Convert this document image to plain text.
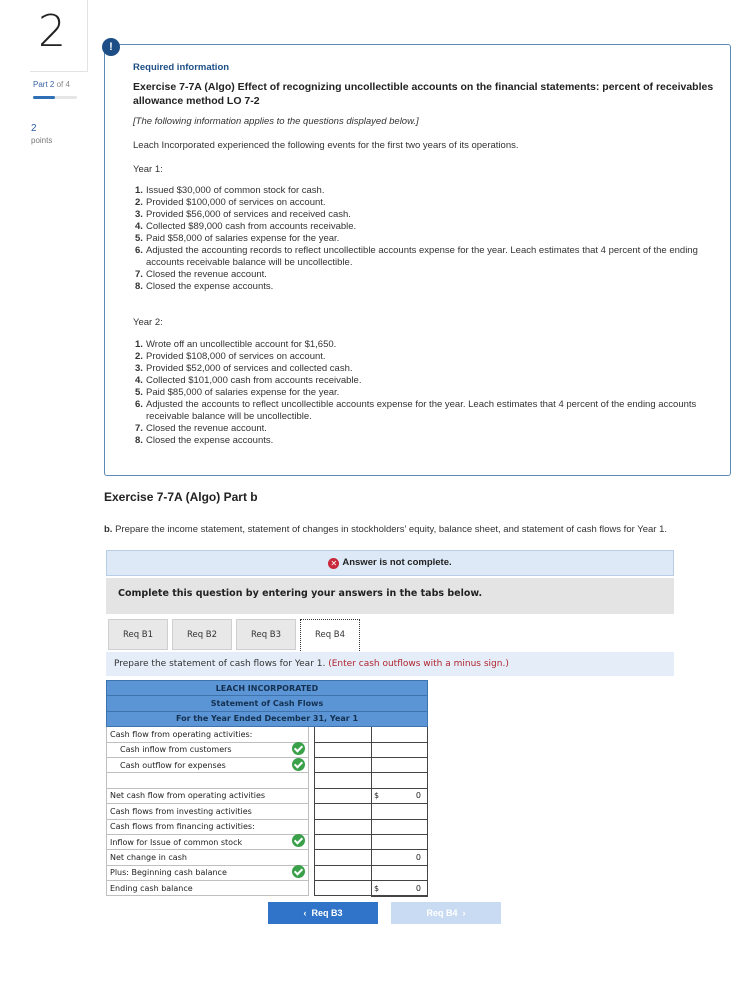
2
Part 2 of 4
2
points
!
Required information
Exercise 7-7A (Algo) Effect of recognizing uncollectible accounts on the financial statements: percent of receivables allowance method LO 7-2
[The following information applies to the questions displayed below.]
Leach Incorporated experienced the following events for the first two years of its operations.
Year 1:
1. Issued $30,000 of common stock for cash.
2. Provided $100,000 of services on account.
3. Provided $56,000 of services and received cash.
4. Collected $89,000 cash from accounts receivable.
5. Paid $58,000 of salaries expense for the year.
6. Adjusted the accounting records to reflect uncollectible accounts expense for the year. Leach estimates that 4 percent of the ending accounts receivable balance will be uncollectible.
7. Closed the revenue account.
8. Closed the expense accounts.
Year 2:
1. Wrote off an uncollectible account for $1,650.
2. Provided $108,000 of services on account.
3. Provided $52,000 of services and collected cash.
4. Collected $101,000 cash from accounts receivable.
5. Paid $85,000 of salaries expense for the year.
6. Adjusted the accounts to reflect uncollectible accounts expense for the year. Leach estimates that 4 percent of the ending accounts receivable balance will be uncollectible.
7. Closed the revenue account.
8. Closed the expense accounts.
Exercise 7-7A (Algo) Part b
b. Prepare the income statement, statement of changes in stockholders' equity, balance sheet, and statement of cash flows for Year 1.
✕ Answer is not complete.
Complete this question by entering your answers in the tabs below.
Req B1	Req B2	Req B3	Req B4
Prepare the statement of cash flows for Year 1. (Enter cash outflows with a minus sign.)
LEACH INCORPORATED			
Statement of Cash Flows			
For the Year Ended December 31, Year 1			
Cash flow from operating activities:			
Cash inflow from customers			
Cash outflow for expenses			

Net cash flow from operating activities			$ 0
Cash flows from investing activities			
Cash flows from financing activities:			
Inflow for Issue of common stock			
Net change in cash			0
Plus: Beginning cash balance			
Ending cash balance			$ 0
‹ Req B3	Req B4 ›
